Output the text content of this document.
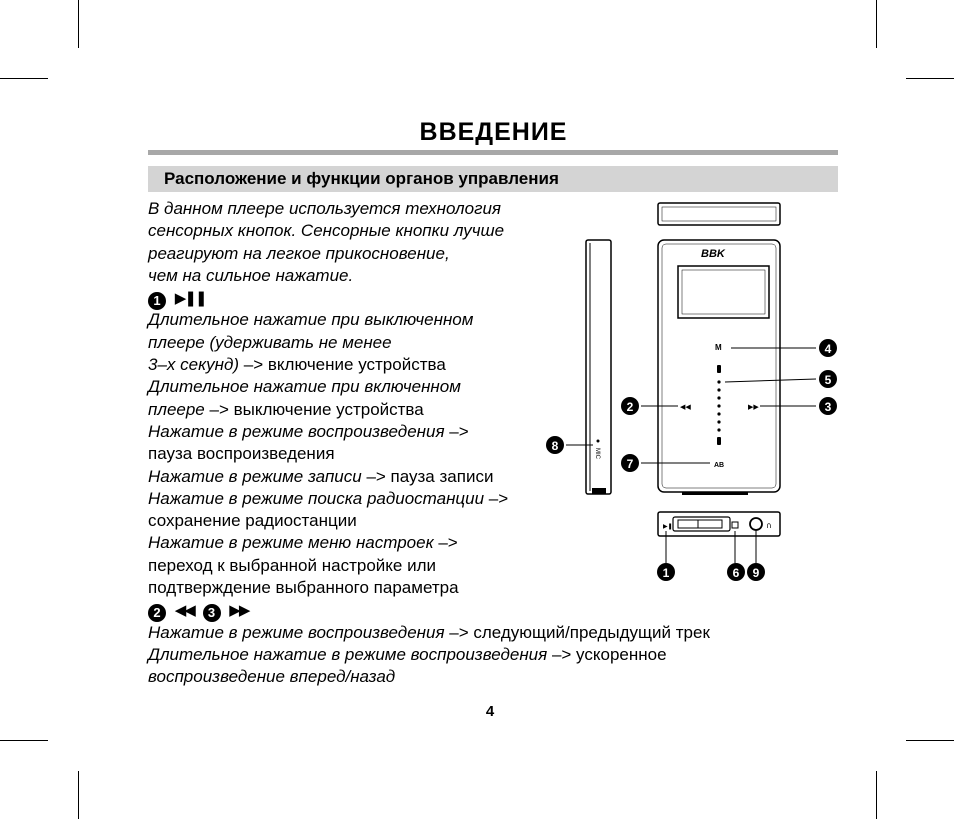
ВВЕДЕНИЕ
Расположение и функции органов управления
В данном плеере используется технология
сенсорных кнопок. Сенсорные кнопки лучше
реагируют на легкое прикосновение,
чем на сильное нажатие.
1 ▶❚❚
Длительное нажатие при выключенном
плеере (удерживать не менее
3–х секунд) –> включение устройства
Длительное нажатие при включенном
плеере –> выключение устройства
Нажатие в режиме воспроизведения –>
пауза воспроизведения
Нажатие в режиме записи –> пауза записи
Нажатие в режиме поиска радиостанции –>
сохранение радиостанции
Нажатие в режиме меню настроек –>
переход к выбранной настройке или
подтверждение выбранного параметра
2 ◀◀ 3 ▶▶
Нажатие в режиме воспроизведения –> следующий/предыдущий трек
Длительное нажатие в режиме воспроизведения –> ускоренное
воспроизведение вперед/назад
MIC
BBK
M
◀◀	▶▶
AB
▶❚	∩
4
5
3
2
7
8
1	6 9
4
